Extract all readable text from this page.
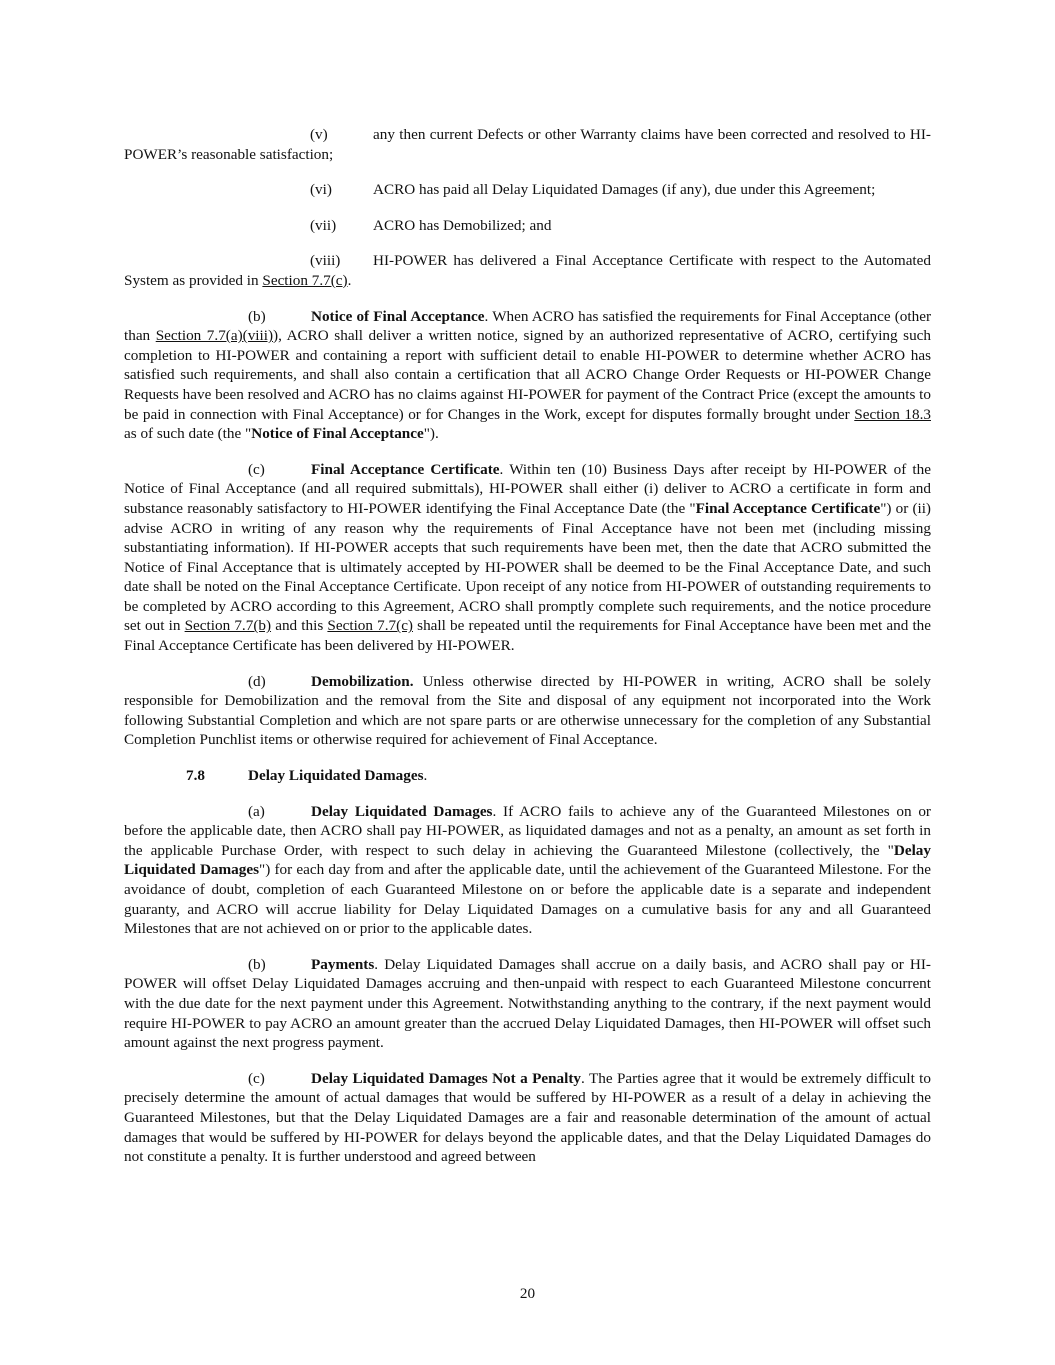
(v)	any then current Defects or other Warranty claims have been corrected and resolved to HI-POWER’s reasonable satisfaction;

(vi)	ACRO has paid all Delay Liquidated Damages (if any), due under this Agreement;

(vii) ACRO has Demobilized; and

(viii) HI-POWER has delivered a Final Acceptance Certificate with respect to the Automated System as provided in Section 7.7(c).

(b)	Notice of Final Acceptance. When ACRO has satisfied the requirements for Final Acceptance (other than Section 7.7(a)(viii)), ACRO shall deliver a written notice, signed by an authorized representative of ACRO, certifying such completion to HI-POWER and containing a report with sufficient detail to enable HI-POWER to determine whether ACRO has satisfied such requirements, and shall also contain a certification that all ACRO Change Order Requests or HI-POWER Change Requests have been resolved and ACRO has no claims against HI-POWER for payment of the Contract Price (except the amounts to be paid in connection with Final Acceptance) or for Changes in the Work, except for disputes formally brought under Section 18.3 as of such date (the "Notice of Final Acceptance").

(c)	Final Acceptance Certificate. Within ten (10) Business Days after receipt by HI-POWER of the Notice of Final Acceptance (and all required submittals), HI-POWER shall either (i) deliver to ACRO a certificate in form and substance reasonably satisfactory to HI-POWER identifying the Final Acceptance Date (the "Final Acceptance Certificate") or (ii) advise ACRO in writing of any reason why the requirements of Final Acceptance have not been met (including missing substantiating information). If HI-POWER accepts that such requirements have been met, then the date that ACRO submitted the Notice of Final Acceptance that is ultimately accepted by HI-POWER shall be deemed to be the Final Acceptance Date, and such date shall be noted on the Final Acceptance Certificate. Upon receipt of any notice from HI-POWER of outstanding requirements to be completed by ACRO according to this Agreement, ACRO shall promptly complete such requirements, and the notice procedure set out in Section 7.7(b) and this Section 7.7(c) shall be repeated until the requirements for Final Acceptance have been met and the Final Acceptance Certificate has been delivered by HI-POWER.

(d)	Demobilization. Unless otherwise directed by HI-POWER in writing, ACRO shall be solely responsible for Demobilization and the removal from the Site and disposal of any equipment not incorporated into the Work following Substantial Completion and which are not spare parts or are otherwise unnecessary for the completion of any Substantial Completion Punchlist items or otherwise required for achievement of Final Acceptance.

7.8	Delay Liquidated Damages.

(a)	Delay Liquidated Damages. If ACRO fails to achieve any of the Guaranteed Milestones on or before the applicable date, then ACRO shall pay HI-POWER, as liquidated damages and not as a penalty, an amount as set forth in the applicable Purchase Order, with respect to such delay in achieving the Guaranteed Milestone (collectively, the "Delay Liquidated Damages") for each day from and after the applicable date, until the achievement of the Guaranteed Milestone. For the avoidance of doubt, completion of each Guaranteed Milestone on or before the applicable date is a separate and independent guaranty, and ACRO will accrue liability for Delay Liquidated Damages on a cumulative basis for any and all Guaranteed Milestones that are not achieved on or prior to the applicable dates.

(b)	Payments. Delay Liquidated Damages shall accrue on a daily basis, and ACRO shall pay or HI-POWER will offset Delay Liquidated Damages accruing and then-unpaid with respect to each Guaranteed Milestone concurrent with the due date for the next payment under this Agreement. Notwithstanding anything to the contrary, if the next payment would require HI-POWER to pay ACRO an amount greater than the accrued Delay Liquidated Damages, then HI-POWER will offset such amount against the next progress payment.

(c)	Delay Liquidated Damages Not a Penalty. The Parties agree that it would be extremely difficult to precisely determine the amount of actual damages that would be suffered by HI-POWER as a result of a delay in achieving the Guaranteed Milestones, but that the Delay Liquidated Damages are a fair and reasonable determination of the amount of actual damages that would be suffered by HI-POWER for delays beyond the applicable dates, and that the Delay Liquidated Damages do not constitute a penalty. It is further understood and agreed between

20
